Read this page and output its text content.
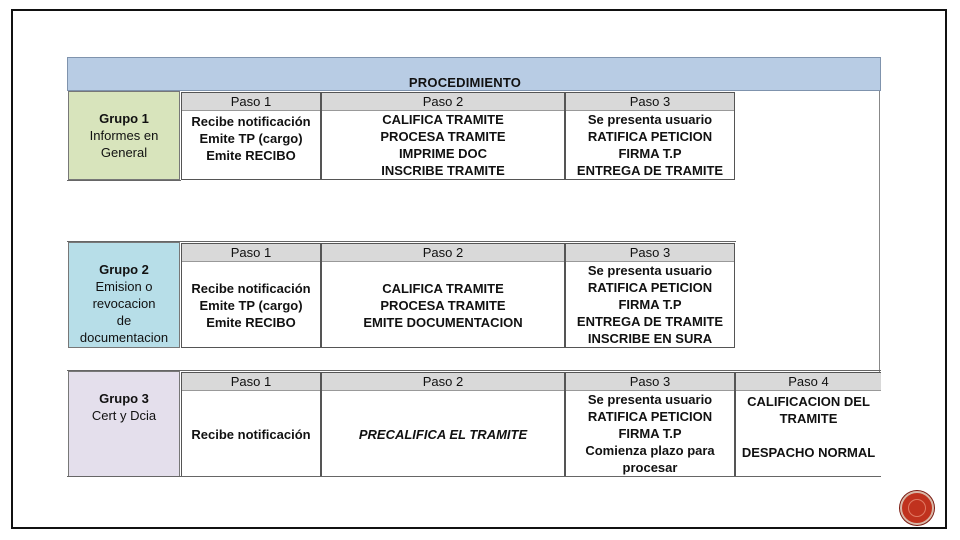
PROCEDIMIENTO
Grupo 1
Informes en
General
Paso 1
Recibe notificación
Emite TP (cargo)
Emite RECIBO
Paso 2
CALIFICA TRAMITE
PROCESA TRAMITE
IMPRIME DOC
INSCRIBE TRAMITE
Paso 3
Se presenta usuario
RATIFICA PETICION
FIRMA T.P
ENTREGA DE TRAMITE
Grupo 2
Emision o
revocacion
de
documentacion
Paso 1
Recibe notificación
Emite TP (cargo)
Emite RECIBO
Paso 2
CALIFICA TRAMITE
PROCESA TRAMITE
EMITE DOCUMENTACION
Paso 3
Se presenta usuario
RATIFICA PETICION
FIRMA T.P
ENTREGA DE TRAMITE
INSCRIBE EN SURA
Grupo 3
Cert y Dcia
Paso 1
Recibe notificación
Paso 2
PRECALIFICA EL TRAMITE
Paso 3
Se presenta usuario
RATIFICA PETICION
FIRMA T.P
Comienza plazo para
procesar
Paso 4
CALIFICACION DEL
TRAMITE
DESPACHO NORMAL
